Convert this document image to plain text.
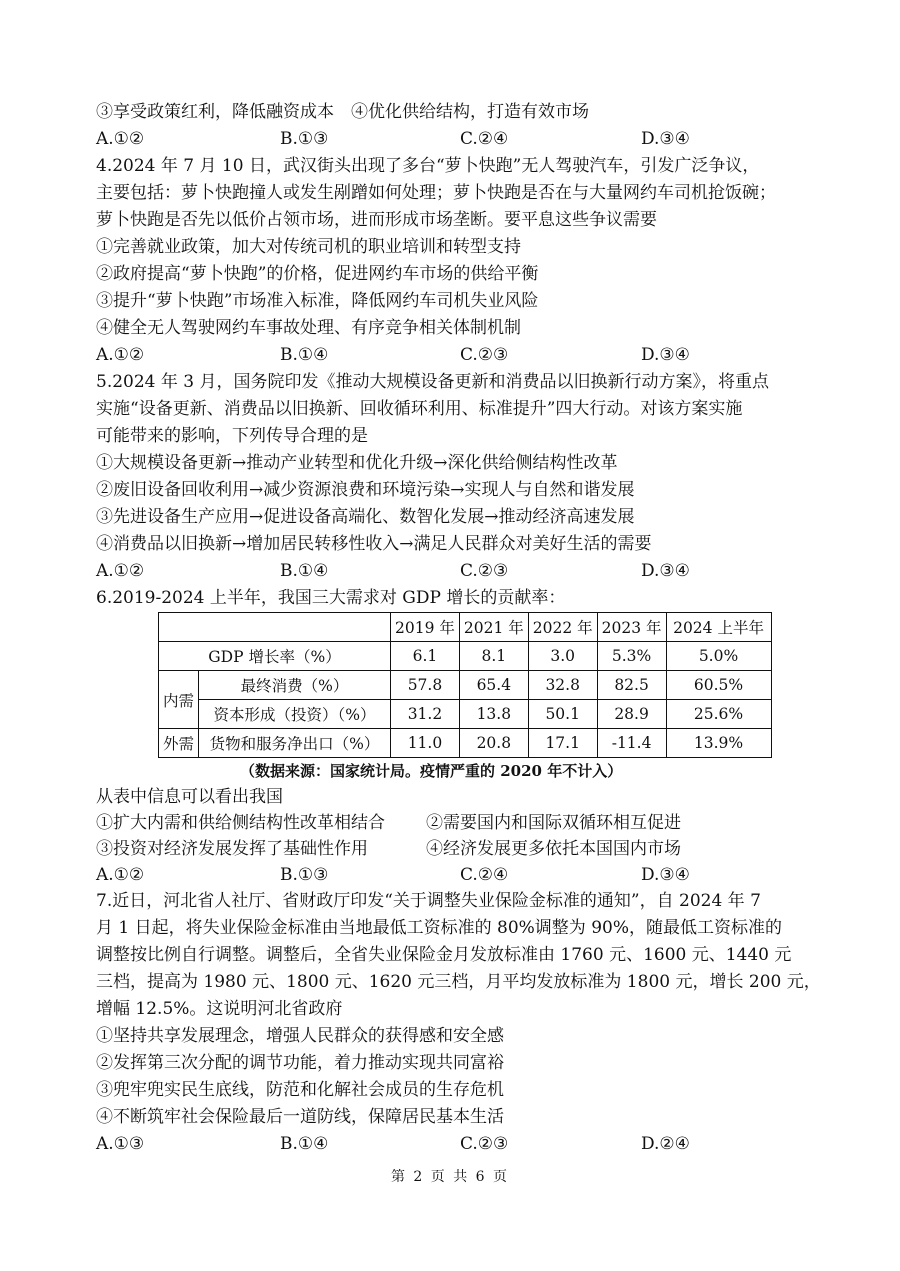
③享受政策红利，降低融资成本　④优化供给结构，打造有效市场
A.①②	B.①③	C.②④	D.③④
4.2024 年 7 月 10 日，武汉街头出现了多台“萝卜快跑”无人驾驶汽车，引发广泛争议，
主要包括：萝卜快跑撞人或发生剐蹭如何处理；萝卜快跑是否在与大量网约车司机抢饭碗；
萝卜快跑是否先以低价占领市场，进而形成市场垄断。要平息这些争议需要
①完善就业政策，加大对传统司机的职业培训和转型支持
②政府提高“萝卜快跑”的价格，促进网约车市场的供给平衡
③提升“萝卜快跑”市场准入标准，降低网约车司机失业风险
④健全无人驾驶网约车事故处理、有序竞争相关体制机制
A.①②	B.①④	C.②③	D.③④
5.2024 年 3 月，国务院印发《推动大规模设备更新和消费品以旧换新行动方案》，将重点
实施“设备更新、消费品以旧换新、回收循环利用、标准提升”四大行动。对该方案实施
可能带来的影响，下列传导合理的是
①大规模设备更新→推动产业转型和优化升级→深化供给侧结构性改革
②废旧设备回收利用→减少资源浪费和环境污染→实现人与自然和谐发展
③先进设备生产应用→促进设备高端化、数智化发展→推动经济高速发展
④消费品以旧换新→增加居民转移性收入→满足人民群众对美好生活的需要
A.①②	B.①④	C.②③	D.③④
6.2019-2024 上半年，我国三大需求对 GDP 增长的贡献率：
		2019 年	2021 年	2022 年	2023 年	2024 上半年
GDP 增长率（%）		6.1	8.1	3.0	5.3%	5.0%
内需	最终消费（%）	57.8	65.4	32.8	82.5	60.5%
	资本形成（投资）（%）	31.2	13.8	50.1	28.9	25.6%
外需	货物和服务净出口（%）	11.0	20.8	17.1	-11.4	13.9%
（数据来源：国家统计局。疫情严重的 2020 年不计入）
从表中信息可以看出我国
①扩大内需和供给侧结构性改革相结合 ②需要国内和国际双循环相互促进
③投资对经济发展发挥了基础性作用	④经济发展更多依托本国国内市场
A.①②	B.①③	C.②④	D.③④
7.近日，河北省人社厅、省财政厅印发“关于调整失业保险金标准的通知”，自 2024 年 7
月 1 日起，将失业保险金标准由当地最低工资标准的 80%调整为 90%，随最低工资标准的
调整按比例自行调整。调整后，全省失业保险金月发放标准由 1760 元、1600 元、1440 元
三档，提高为 1980 元、1800 元、1620 元三档，月平均发放标准为 1800 元，增长 200 元，
增幅 12.5%。这说明河北省政府
①坚持共享发展理念，增强人民群众的获得感和安全感
②发挥第三次分配的调节功能，着力推动实现共同富裕
③兜牢兜实民生底线，防范和化解社会成员的生存危机
④不断筑牢社会保险最后一道防线，保障居民基本生活
A.①③	B.①④	C.②③	D.②④
第 2 页 共 6 页
